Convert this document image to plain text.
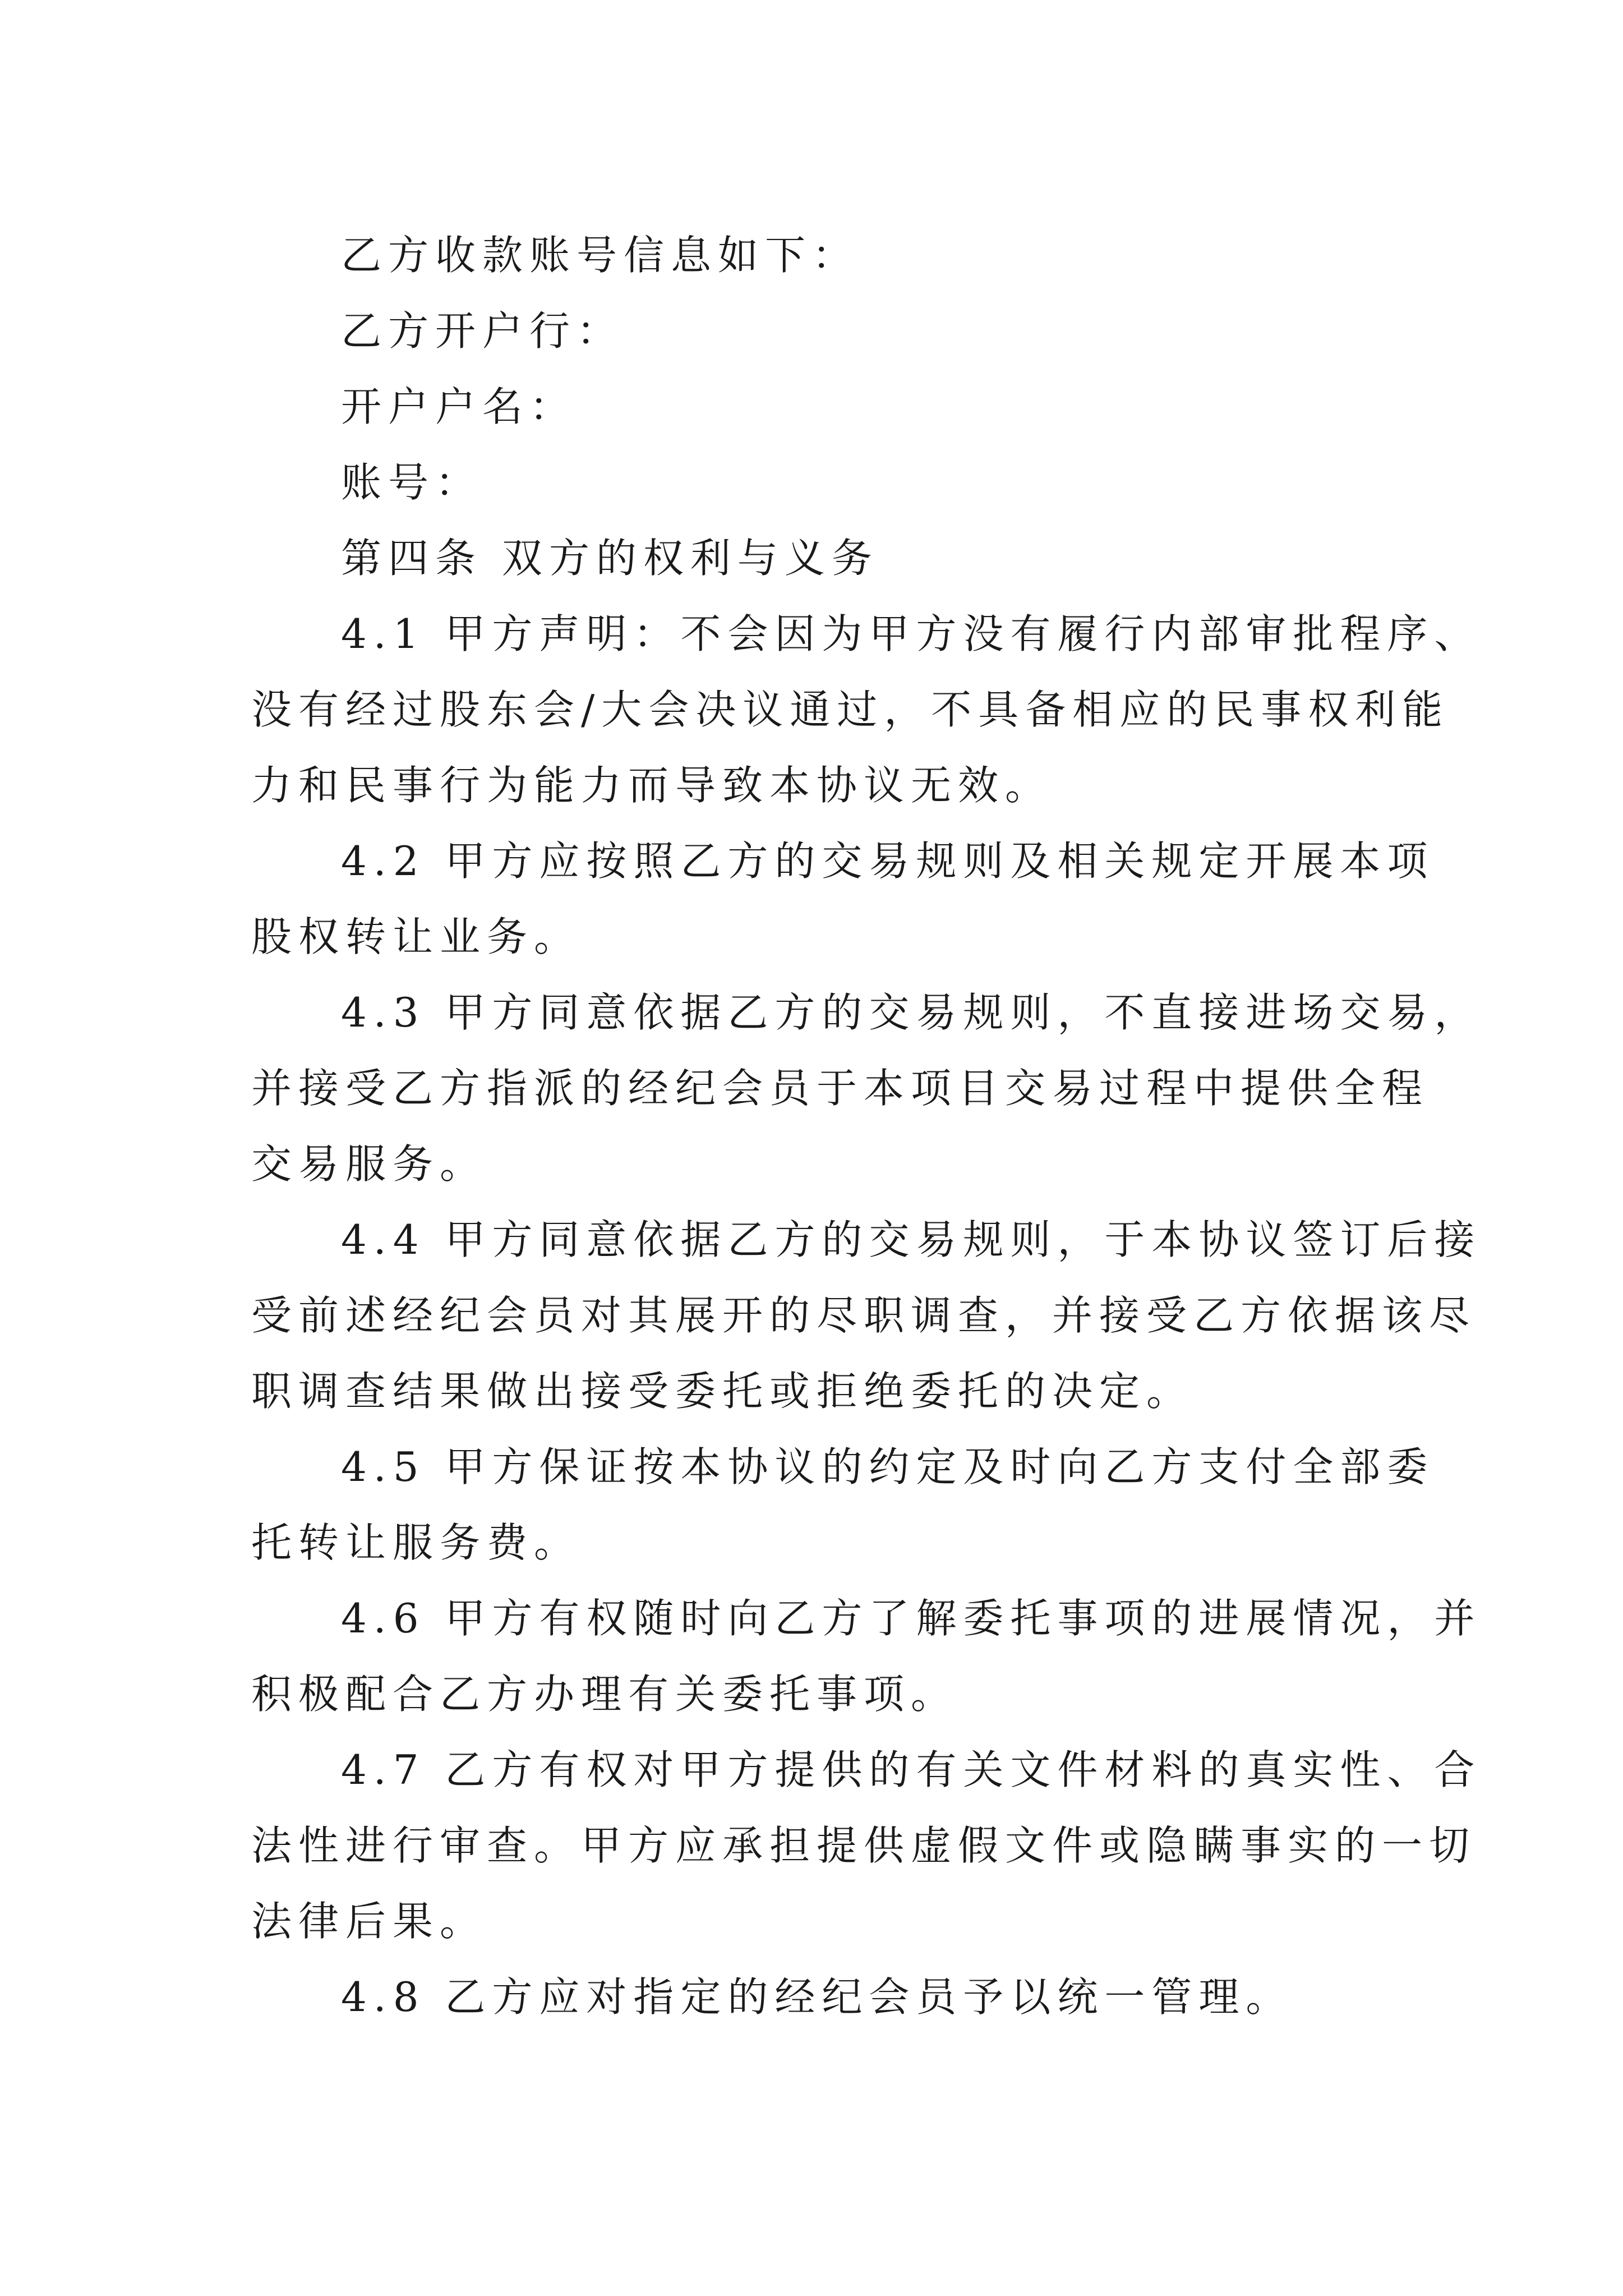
乙方收款账号信息如下：
乙方开户行：
开户户名：
账号：
第四条 双方的权利与义务
4.1 甲方声明：不会因为甲方没有履行内部审批程序、
没有经过股东会/大会决议通过，不具备相应的民事权利能
力和民事行为能力而导致本协议无效。
4.2 甲方应按照乙方的交易规则及相关规定开展本项
股权转让业务。
4.3 甲方同意依据乙方的交易规则，不直接进场交易，
并接受乙方指派的经纪会员于本项目交易过程中提供全程
交易服务。
4.4 甲方同意依据乙方的交易规则，于本协议签订后接
受前述经纪会员对其展开的尽职调查，并接受乙方依据该尽
职调查结果做出接受委托或拒绝委托的决定。
4.5 甲方保证按本协议的约定及时向乙方支付全部委
托转让服务费。
4.6 甲方有权随时向乙方了解委托事项的进展情况，并
积极配合乙方办理有关委托事项。
4.7 乙方有权对甲方提供的有关文件材料的真实性、合
法性进行审查。甲方应承担提供虚假文件或隐瞒事实的一切
法律后果。
4.8 乙方应对指定的经纪会员予以统一管理。
